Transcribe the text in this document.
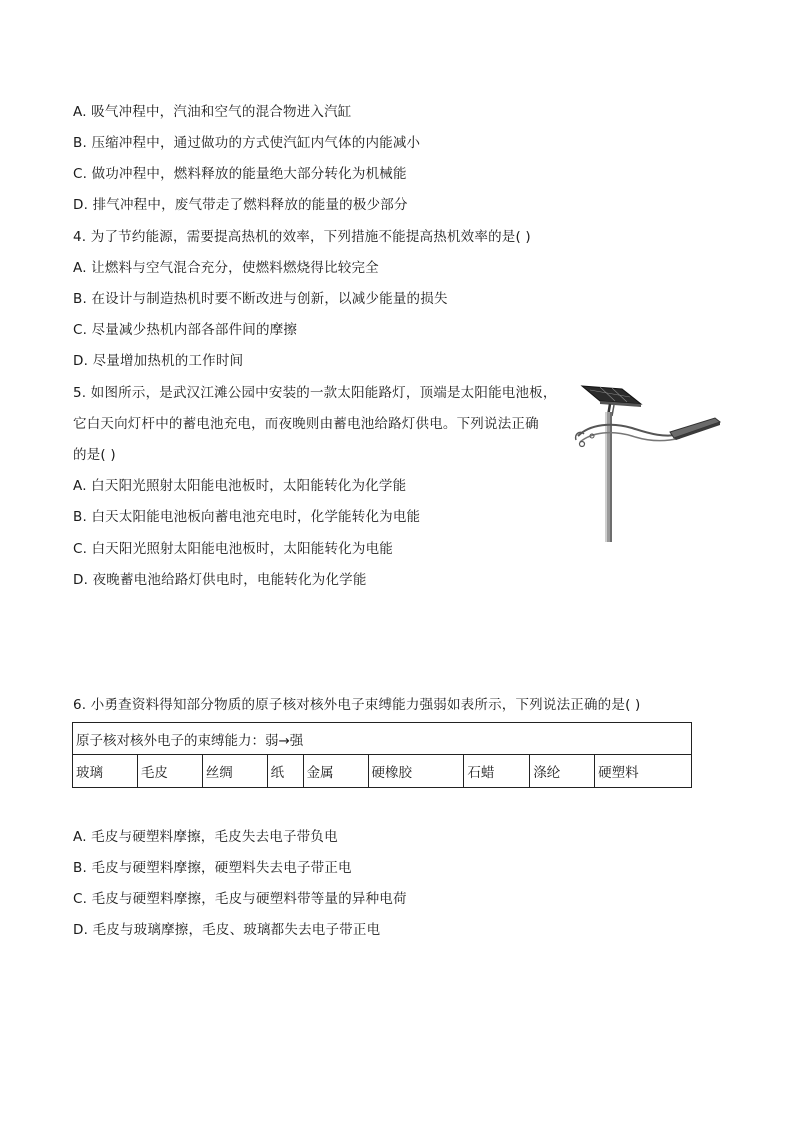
A. 吸气冲程中，汽油和空气的混合物进入汽缸
B. 压缩冲程中，通过做功的方式使汽缸内气体的内能减小
C. 做功冲程中，燃料释放的能量绝大部分转化为机械能
D. 排气冲程中，废气带走了燃料释放的能量的极少部分
4. 为了节约能源，需要提高热机的效率，下列措施不能提高热机效率的是( )
A. 让燃料与空气混合充分，使燃料燃烧得比较完全
B. 在设计与制造热机时要不断改进与创新，以减少能量的损失
C. 尽量减少热机内部各部件间的摩擦
D. 尽量增加热机的工作时间
5. 如图所示，是武汉江滩公园中安装的一款太阳能路灯，顶端是太阳能电池板，
它白天向灯杆中的蓄电池充电，而夜晚则由蓄电池给路灯供电。下列说法正确
的是( )
A. 白天阳光照射太阳能电池板时，太阳能转化为化学能
B. 白天太阳能电池板向蓄电池充电时，化学能转化为电能
C. 白天阳光照射太阳能电池板时，太阳能转化为电能
D. 夜晚蓄电池给路灯供电时，电能转化为化学能
6. 小勇查资料得知部分物质的原子核对核外电子束缚能力强弱如表所示，下列说法正确的是( )
原子核对核外电子的束缚能力：弱→强
玻璃	毛皮	丝绸	纸	金属	硬橡胶	石蜡	涤纶	硬塑料
A. 毛皮与硬塑料摩擦，毛皮失去电子带负电
B. 毛皮与硬塑料摩擦，硬塑料失去电子带正电
C. 毛皮与硬塑料摩擦，毛皮与硬塑料带等量的异种电荷
D. 毛皮与玻璃摩擦，毛皮、玻璃都失去电子带正电
